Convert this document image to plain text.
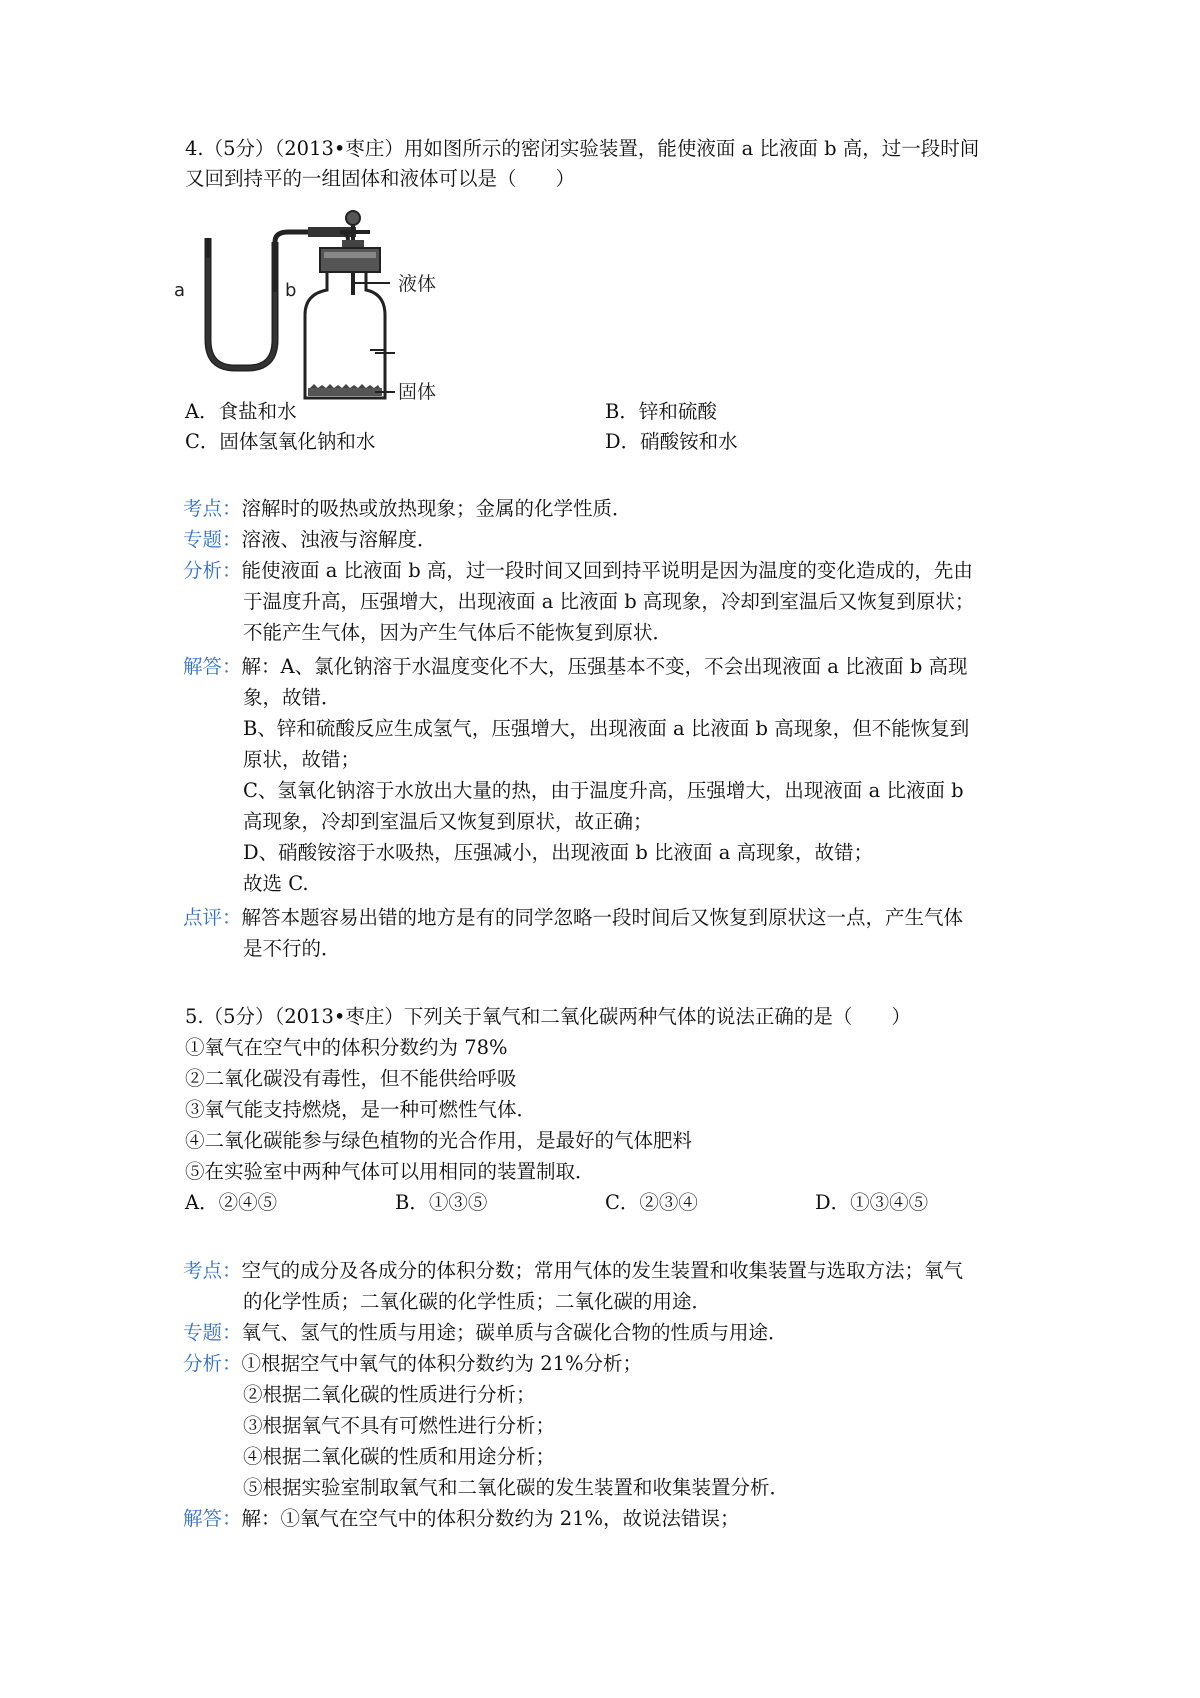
4.（5分）（2013•枣庄）用如图所示的密闭实验装置，能使液面 a 比液面 b 高，过一段时间
又回到持平的一组固体和液体可以是（　　）
a	b	液体
固体
A．食盐和水	B．锌和硫酸
C．固体氢氧化钠和水	D．硝酸铵和水
考点：溶解时的吸热或放热现象；金属的化学性质．
专题：溶液、浊液与溶解度．
分析：能使液面 a 比液面 b 高，过一段时间又回到持平说明是因为温度的变化造成的，先由
于温度升高，压强增大，出现液面 a 比液面 b 高现象，冷却到室温后又恢复到原状；
不能产生气体，因为产生气体后不能恢复到原状．
解答：解：A、氯化钠溶于水温度变化不大，压强基本不变，不会出现液面 a 比液面 b 高现
象，故错．
B、锌和硫酸反应生成氢气，压强增大，出现液面 a 比液面 b 高现象，但不能恢复到
原状，故错；
C、氢氧化钠溶于水放出大量的热，由于温度升高，压强增大，出现液面 a 比液面 b
高现象，冷却到室温后又恢复到原状，故正确；
D、硝酸铵溶于水吸热，压强减小，出现液面 b 比液面 a 高现象，故错；
故选 C.
点评：解答本题容易出错的地方是有的同学忽略一段时间后又恢复到原状这一点，产生气体
是不行的．
5.（5分）（2013•枣庄）下列关于氧气和二氧化碳两种气体的说法正确的是（　　）
①氧气在空气中的体积分数约为 78%
②二氧化碳没有毒性，但不能供给呼吸
③氧气能支持燃烧，是一种可燃性气体．
④二氧化碳能参与绿色植物的光合作用，是最好的气体肥料
⑤在实验室中两种气体可以用相同的装置制取．
A．②④⑤	B．①③⑤	C．②③④	D．①③④⑤
考点：空气的成分及各成分的体积分数；常用气体的发生装置和收集装置与选取方法；氧气
的化学性质；二氧化碳的化学性质；二氧化碳的用途．
专题：氧气、氢气的性质与用途；碳单质与含碳化合物的性质与用途．
分析：①根据空气中氧气的体积分数约为 21%分析；
②根据二氧化碳的性质进行分析；
③根据氧气不具有可燃性进行分析；
④根据二氧化碳的性质和用途分析；
⑤根据实验室制取氧气和二氧化碳的发生装置和收集装置分析．
解答：解：①氧气在空气中的体积分数约为 21%，故说法错误；
